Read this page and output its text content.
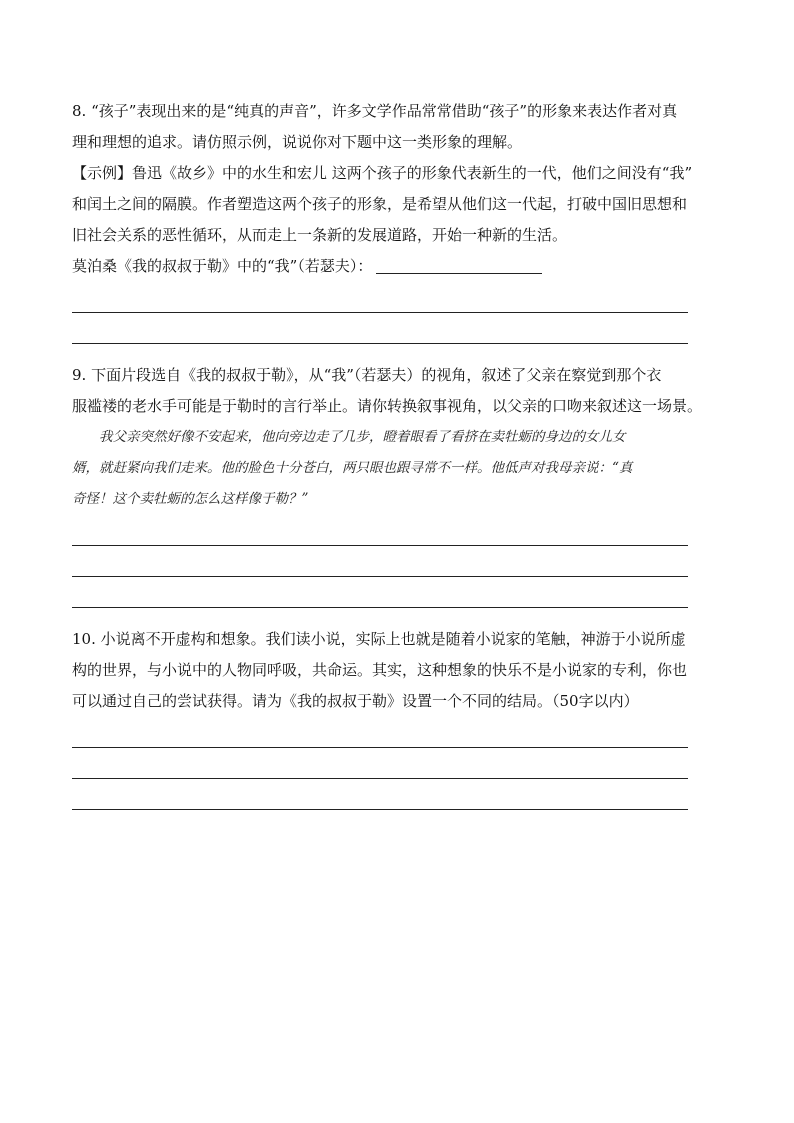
8. “孩子”表现出来的是“纯真的声音”，许多文学作品常常借助“孩子”的形象来表达作者对真
理和理想的追求。请仿照示例，说说你对下题中这一类形象的理解。
【示例】鲁迅《故乡》中的水生和宏儿 这两个孩子的形象代表新生的一代，他们之间没有“我”
和闰土之间的隔膜。作者塑造这两个孩子的形象，是希望从他们这一代起，打破中国旧思想和
旧社会关系的恶性循环，从而走上一条新的发展道路，开始一种新的生活。
莫泊桑《我的叔叔于勒》中的“我”（若瑟夫）：
9. 下面片段选自《我的叔叔于勒》，从“我”（若瑟夫）的视角，叙述了父亲在察觉到那个衣
服褴褛的老水手可能是于勒时的言行举止。请你转换叙事视角，以父亲的口吻来叙述这一场景。
我父亲突然好像不安起来，他向旁边走了几步，瞪着眼看了看挤在卖牡蛎的身边的女儿女
婿，就赶紧向我们走来。他的脸色十分苍白，两只眼也跟寻常不一样。他低声对我母亲说：“真
奇怪！这个卖牡蛎的怎么这样像于勒？”
10. 小说离不开虚构和想象。我们读小说，实际上也就是随着小说家的笔触，神游于小说所虚
构的世界，与小说中的人物同呼吸，共命运。其实，这种想象的快乐不是小说家的专利，你也
可以通过自己的尝试获得。请为《我的叔叔于勒》设置一个不同的结局。（50字以内）
